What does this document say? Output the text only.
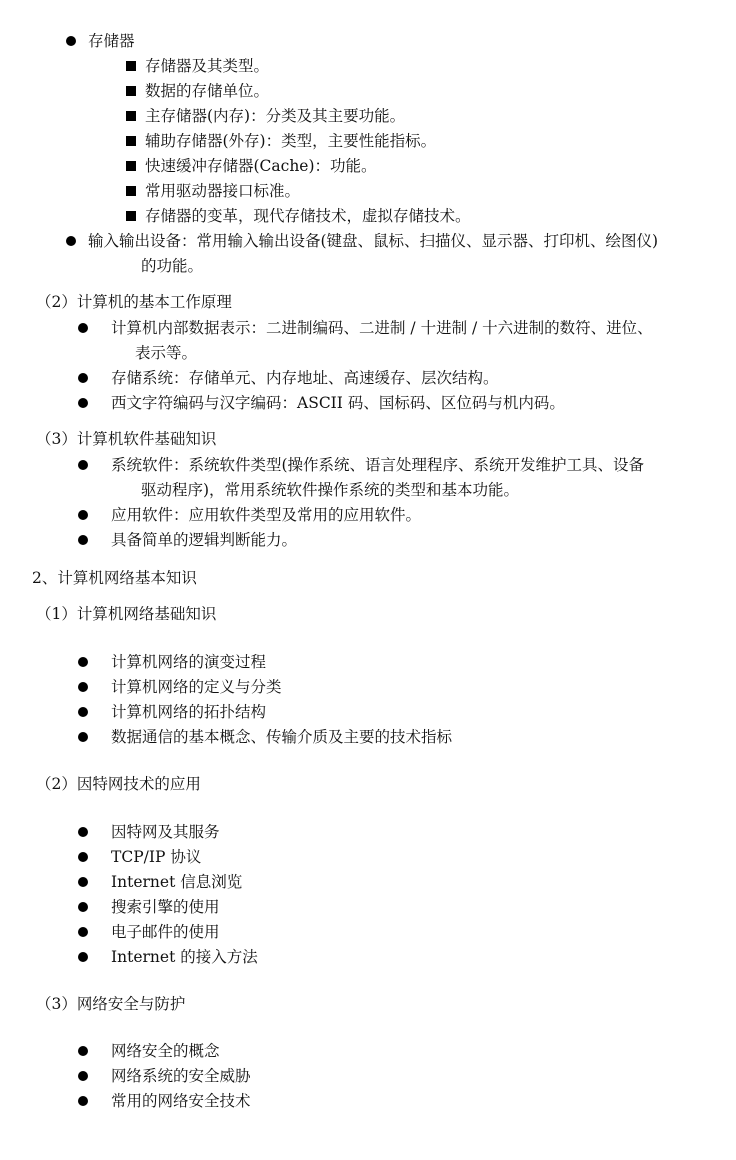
存储器
存储器及其类型。
数据的存储单位。
主存储器(内存)：分类及其主要功能。
辅助存储器(外存)：类型，主要性能指标。
快速缓冲存储器(Cache)：功能。
常用驱动器接口标准。
存储器的变革，现代存储技术，虚拟存储技术。
输入输出设备：常用输入输出设备(键盘、鼠标、扫描仪、显示器、打印机、绘图仪)
的功能。
（2）计算机的基本工作原理
计算机内部数据表示：二进制编码、二进制 / 十进制 / 十六进制的数符、进位、
表示等。
存储系统：存储单元、内存地址、高速缓存、层次结构。
西文字符编码与汉字编码：ASCII 码、国标码、区位码与机内码。
（3）计算机软件基础知识
系统软件：系统软件类型(操作系统、语言处理程序、系统开发维护工具、设备
驱动程序)，常用系统软件操作系统的类型和基本功能。
应用软件：应用软件类型及常用的应用软件。
具备简单的逻辑判断能力。
2、计算机网络基本知识
（1）计算机网络基础知识
计算机网络的演变过程
计算机网络的定义与分类
计算机网络的拓扑结构
数据通信的基本概念、传输介质及主要的技术指标
（2）因特网技术的应用
因特网及其服务
TCP/IP 协议
Internet 信息浏览
搜索引擎的使用
电子邮件的使用
Internet 的接入方法
（3）网络安全与防护
网络安全的概念
网络系统的安全威胁
常用的网络安全技术
